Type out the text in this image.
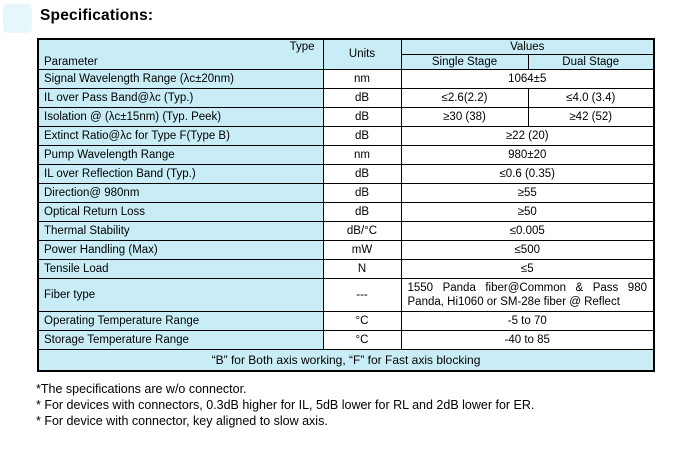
Specifications:
Type
Parameter	Units	Values	
		Single Stage	Dual Stage
Signal Wavelength Range (λc±20nm)	nm	1064±5	
IL over Pass Band@λc (Typ.)	dB	≤2.6(2.2)	≤4.0 (3.4)
Isolation @ (λc±15nm) (Typ. Peek)	dB	≥30 (38)	≥42 (52)
Extinct Ratio@λc for Type F(Type B)	dB	≥22 (20)	
Pump Wavelength Range	nm	980±20	
IL over Reflection Band (Typ.)	dB	≤0.6 (0.35)	
Direction@ 980nm	dB	≥55	
Optical Return Loss	dB	≥50	
Thermal Stability	dB/°C	≤0.005	
Power Handling (Max)	mW	≤500	
Tensile Load	N	≤5	
Fiber type	---	1550 Panda fiber@Common & Pass 980
Panda, Hi1060 or SM-28e fiber @ Reflect	

Operating Temperature Range	°C	-5 to 70	
Storage Temperature Range	°C	-40 to 85	
“B” for Both axis working, “F” for Fast axis blocking			
*The specifications are w/o connector.
* For devices with connectors, 0.3dB higher for IL, 5dB lower for RL and 2dB lower for ER.
* For device with connector, key aligned to slow axis.
